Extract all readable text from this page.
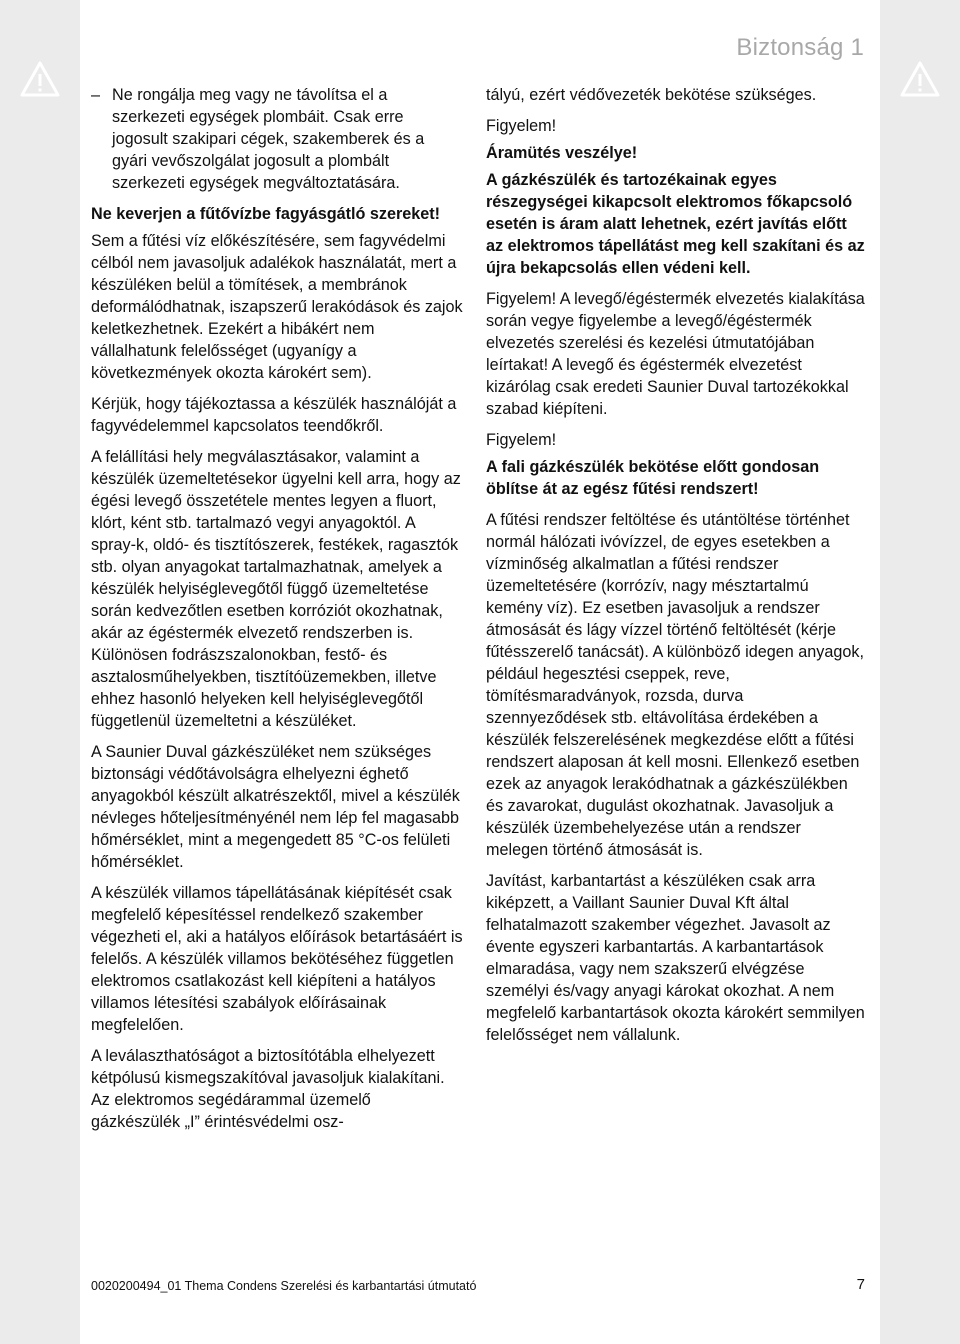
Biztonság 1
– Ne rongálja meg vagy ne távolítsa el a szerkezeti egységek plombáit. Csak erre jogosult szakipari cégek, szakemberek és a gyári vevőszolgálat jogosult a plombált szerkezeti egységek megváltoztatására.

Ne keverjen a fűtővízbe fagyásgátló szereket!

Sem a fűtési víz előkészítésére, sem fagyvédelmi célból nem javasoljuk adalékok használatát, mert a készüléken belül a tömítések, a membránok deformálódhatnak, iszapszerű lerakódások és zajok keletkezhetnek. Ezekért a hibákért nem vállalhatunk felelősséget (ugyanígy a következmények okozta károkért sem).

Kérjük, hogy tájékoztassa a készülék használóját a fagyvédelemmel kapcsolatos teendőkről.

A felállítási hely megválasztásakor, valamint a készülék üzemeltetésekor ügyelni kell arra, hogy az égési levegő összetétele mentes legyen a fluort, klórt, ként stb. tartalmazó vegyi anyagoktól. A spray-k, oldó- és tisztítószerek, festékek, ragasztók stb. olyan anyagokat tartalmazhatnak, amelyek a készülék helyiséglevegőtől függő üzemeltetése során kedvezőtlen esetben korróziót okozhatnak, akár az égéstermék elvezető rendszerben is. Különösen fodrászszalonokban, festő- és asztalosműhelyekben, tisztítóüzemekben, illetve ehhez hasonló helyeken kell helyiséglevegőtől függetlenül üzemeltetni a készüléket.

A Saunier Duval gázkészüléket nem szükséges biztonsági védőtávolságra elhelyezni éghető anyagokból készült alkatrészektől, mivel a készülék névleges hőteljesítményénél nem lép fel magasabb hőmérséklet, mint a megengedett 85 °C-os felületi hőmérséklet.

A készülék villamos tápellátásának kiépítését csak megfelelő képesítéssel rendelkező szakember végezheti el, aki a hatályos előírások betartásáért is felelős. A készülék villamos bekötéséhez független elektromos csatlakozást kell kiépíteni a hatályos villamos létesítési szabályok előírásainak megfelelően.

A leválaszthatóságot a biztosítótábla elhelyezett kétpólusú kismegszakítóval javasoljuk kialakítani. Az elektromos segédárammal üzemelő gázkészülék „I” érintésvédelmi osz-

tályú, ezért védővezeték bekötése szükséges.

Figyelem!

Áramütés veszélye!

A gázkészülék és tartozékainak egyes részegységei kikapcsolt elektromos főkapcsoló esetén is áram alatt lehetnek, ezért javítás előtt az elektromos tápellátást meg kell szakítani és az újra bekapcsolás ellen védeni kell.

Figyelem! A levegő/égéstermék elvezetés kialakítása során vegye figyelembe a levegő/égéstermék elvezetés szerelési és kezelési útmutatójában leírtakat! A levegő és égéstermék elvezetést kizárólag csak eredeti Saunier Duval tartozékokkal szabad kiépíteni.

Figyelem!

A fali gázkészülék bekötése előtt gondosan öblítse át az egész fűtési rendszert!

A fűtési rendszer feltöltése és utántöltése történhet normál hálózati ivóvízzel, de egyes esetekben a vízminőség alkalmatlan a fűtési rendszer üzemeltetésére (korrózív, nagy mésztartalmú kemény víz). Ez esetben javasoljuk a rendszer átmosását és lágy vízzel történő feltöltését (kérje fűtésszerelő tanácsát). A különböző idegen anyagok, például hegesztési cseppek, reve, tömítésmaradványok, rozsda, durva szennyeződések stb. eltávolítása érdekében a készülék felszerelésének megkezdése előtt a fűtési rendszert alaposan át kell mosni. Ellenkező esetben ezek az anyagok lerakódhatnak a gázkészülékben és zavarokat, dugulást okozhatnak. Javasoljuk a készülék üzembehelyezése után a rendszer melegen történő átmosását is.

Javítást, karbantartást a készüléken csak arra kiképzett, a Vaillant Saunier Duval Kft által felhatalmazott szakember végezhet. Javasolt az évente egyszeri karbantartás. A karbantartások elmaradása, vagy nem szakszerű elvégzése személyi és/vagy anyagi károkat okozhat. A nem megfelelő karbantartások okozta károkért semmilyen felelősséget nem vállalunk.

0020200494_01 Thema Condens Szerelési és karbantartási útmutató	7
